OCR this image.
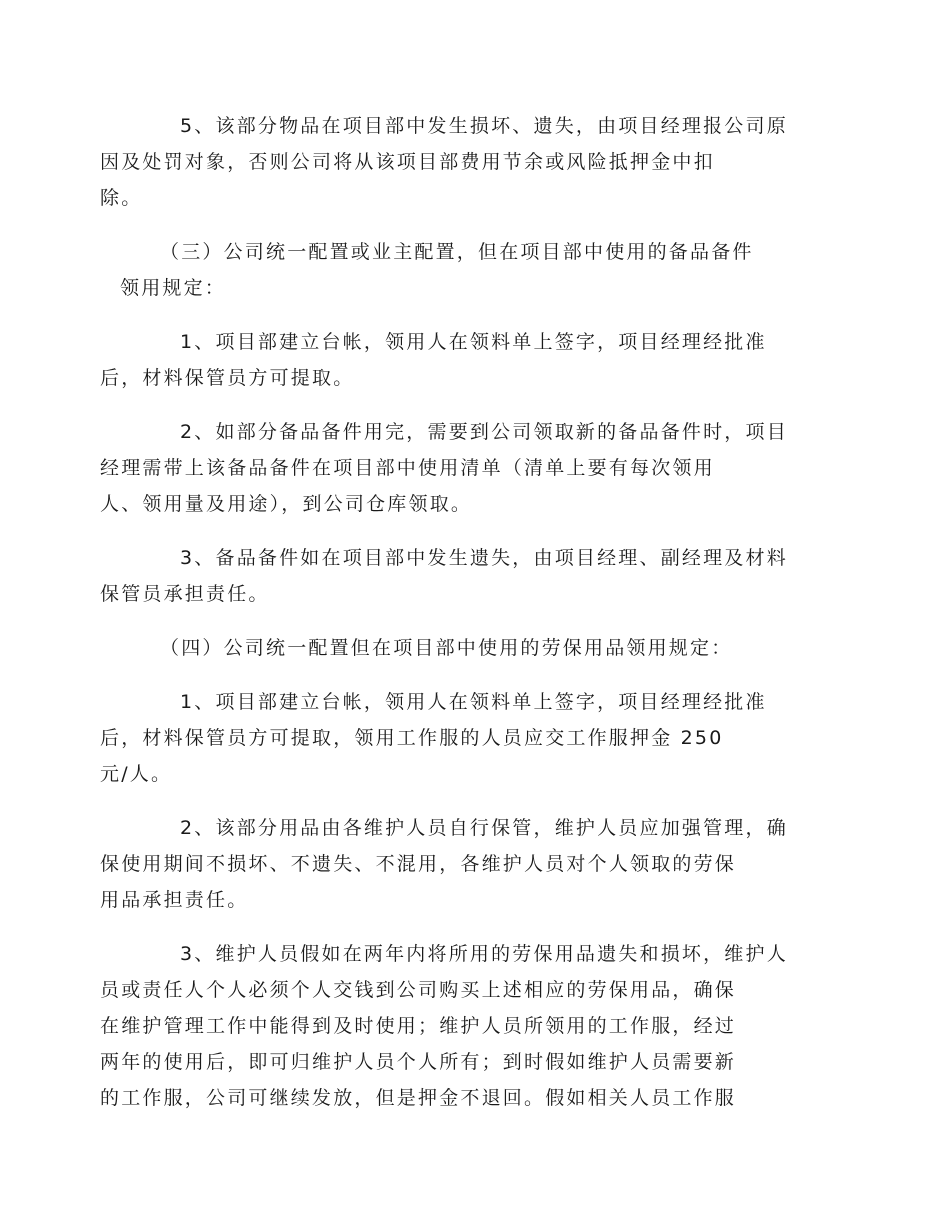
5、该部分物品在项目部中发生损坏、遗失，由项目经理报公司原
因及处罚对象，否则公司将从该项目部费用节余或风险抵押金中扣
除。

（三）公司统一配置或业主配置，但在项目部中使用的备品备件
领用规定：

1、项目部建立台帐，领用人在领料单上签字，项目经理经批准
后，材料保管员方可提取。

2、如部分备品备件用完，需要到公司领取新的备品备件时，项目
经理需带上该备品备件在项目部中使用清单（清单上要有每次领用
人、领用量及用途），到公司仓库领取。

3、备品备件如在项目部中发生遗失，由项目经理、副经理及材料
保管员承担责任。

（四）公司统一配置但在项目部中使用的劳保用品领用规定：

1、项目部建立台帐，领用人在领料单上签字，项目经理经批准
后，材料保管员方可提取，领用工作服的人员应交工作服押金 250
元/人。

2、该部分用品由各维护人员自行保管，维护人员应加强管理，确
保使用期间不损坏、不遗失、不混用，各维护人员对个人领取的劳保
用品承担责任。

3、维护人员假如在两年内将所用的劳保用品遗失和损坏，维护人
员或责任人个人必须个人交钱到公司购买上述相应的劳保用品，确保
在维护管理工作中能得到及时使用；维护人员所领用的工作服，经过
两年的使用后，即可归维护人员个人所有；到时假如维护人员需要新
的工作服，公司可继续发放，但是押金不退回。假如相关人员工作服
